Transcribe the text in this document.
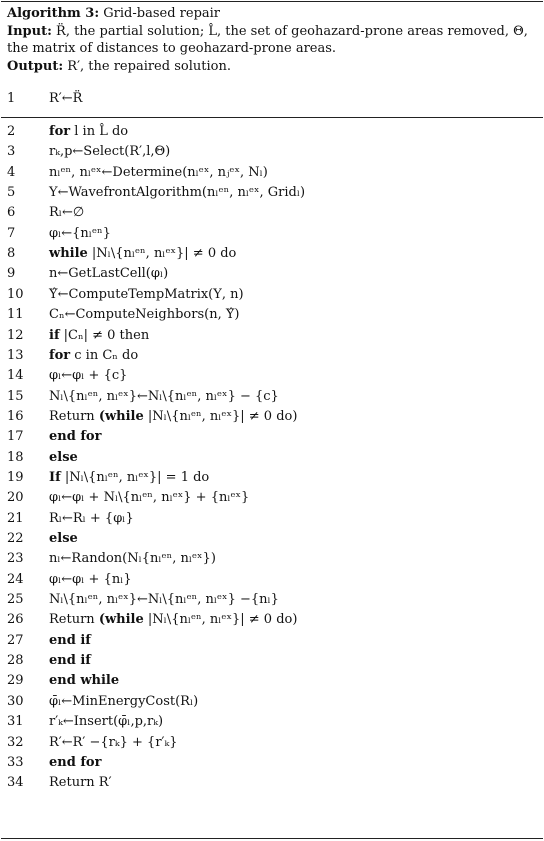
Algorithm 3: Grid-based repair
Input: R̈, the partial solution; L̂, the set of geohazard-prone areas removed, Θ, the matrix of distances to geohazard-prone areas.
Output: R′, the repaired solution.
1	R′←R̈
2	for l in L̂ do
3	rₖ,p←Select(R′,l,Θ)
4	nₗᵉⁿ, nₗᵉˣ←Determine(nₗᵉˣ, nⱼᵉˣ, Nₗ)
5	Υ←WavefrontAlgorithm(nₗᵉⁿ, nₗᵉˣ, Gridₗ)
6	Rₗ←∅
7	φₗ←{nₗᵉⁿ}
8	while |Nₗ\{nₗᵉⁿ, nₗᵉˣ}| ≠ 0 do
9	n←GetLastCell(φₗ)
10	Υ̂←ComputeTempMatrix(Υ, n)
11	Cₙ←ComputeNeighbors(n, Υ̂)
12	if |Cₙ| ≠ 0 then
13	for c in Cₙ do
14	φₗ←φₗ + {c}
15	Nₗ\{nₗᵉⁿ, nₗᵉˣ}←Nₗ\{nₗᵉⁿ, nₗᵉˣ} − {c}
16	Return (while |Nₗ\{nₗᵉⁿ, nₗᵉˣ}| ≠ 0 do)
17	end for
18	else
19	If |Nₗ\{nₗᵉⁿ, nₗᵉˣ}| = 1 do
20	φₗ←φₗ + Nₗ\{nₗᵉⁿ, nₗᵉˣ} + {nₗᵉˣ}
21	Rₗ←Rₗ + {φₗ}
22	else
23	nₗ←Randon(Nₗ{nₗᵉⁿ, nₗᵉˣ})
24	φₗ←φₗ + {nₗ}
25	Nₗ\{nₗᵉⁿ, nₗᵉˣ}←Nₗ\{nₗᵉⁿ, nₗᵉˣ} −{nₗ}
26	Return (while |Nₗ\{nₗᵉⁿ, nₗᵉˣ}| ≠ 0 do)
27	end if
28	end if
29	end while
30	φ̄ₗ←MinEnergyCost(Rₗ)
31	r′ₖ←Insert(φ̄ₗ,p,rₖ)
32	R′←R′ −{rₖ} + {r′ₖ}
33	end for
34	Return R′
